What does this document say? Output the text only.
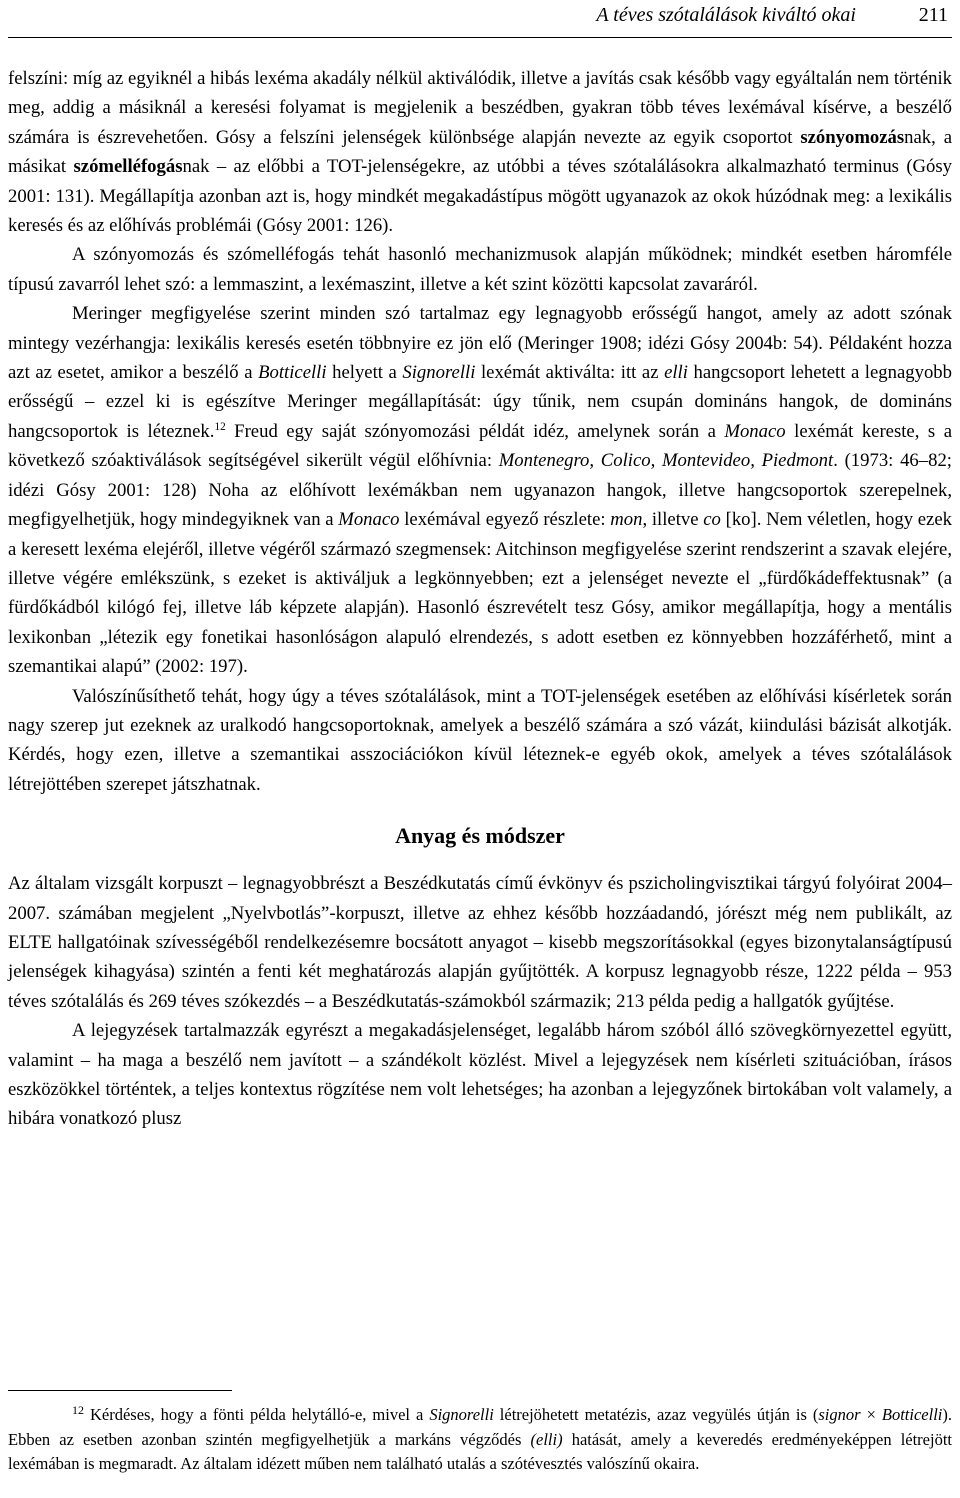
A téves szótalálások kiváltó okai	211

felszíni: míg az egyiknél a hibás lexéma akadály nélkül aktiválódik, illetve a javítás csak később vagy egyáltalán nem történik meg, addig a másiknál a keresési folyamat is megjelenik a beszédben, gyakran több téves lexémával kísérve, a beszélő számára is észrevehetően. Gósy a felszíni jelenségek különbsége alapján nevezte az egyik csoportot szónyomozásnak, a másikat szómelléfogásnak – az előbbi a TOT-jelenségekre, az utóbbi a téves szótalálásokra alkalmazható terminus (Gósy 2001: 131). Megállapítja azonban azt is, hogy mindkét megakadástípus mögött ugyanazok az okok húzódnak meg: a lexikális keresés és az előhívás problémái (Gósy 2001: 126).

A szónyomozás és szómelléfogás tehát hasonló mechanizmusok alapján működnek; mindkét esetben háromféle típusú zavarról lehet szó: a lemmaszint, a lexémaszint, illetve a két szint közötti kapcsolat zavaráról.

Meringer megfigyelése szerint minden szó tartalmaz egy legnagyobb erősségű hangot, amely az adott szónak mintegy vezérhangja: lexikális keresés esetén többnyire ez jön elő (Meringer 1908; idézi Gósy 2004b: 54). Példaként hozza azt az esetet, amikor a beszélő a Botticelli helyett a Signorelli lexémát aktiválta: itt az elli hangcsoport lehetett a legnagyobb erősségű – ezzel ki is egészítve Meringer megállapítását: úgy tűnik, nem csupán domináns hangok, de domináns hangcsoportok is léteznek.$^{12}$ Freud egy saját szónyomozási példát idéz, amelynek során a Monaco lexémát kereste, s a következő szóaktiválások segítségével sikerült végül előhívnia: Montenegro, Colico, Montevideo, Piedmont. (1973: 46–82; idézi Gósy 2001: 128) Noha az előhívott lexémákban nem ugyanazon hangok, illetve hangcsoportok szerepelnek, megfigyelhetjük, hogy mindegyiknek van a Monaco lexémával egyező részlete: mon, illetve co [ko]. Nem véletlen, hogy ezek a keresett lexéma elejéről, illetve végéről származó szegmensek: Aitchinson megfigyelése szerint rendszerint a szavak elejére, illetve végére emlékszünk, s ezeket is aktiváljuk a legkönnyebben; ezt a jelenséget nevezte el „fürdőkádeffektusnak” (a fürdőkádból kilógó fej, illetve láb képzete alapján). Hasonló észrevételt tesz Gósy, amikor megállapítja, hogy a mentális lexikonban „létezik egy fonetikai hasonlóságon alapuló elrendezés, s adott esetben ez könnyebben hozzáférhető, mint a szemantikai alapú” (2002: 197).

Valószínűsíthető tehát, hogy úgy a téves szótalálások, mint a TOT-jelenségek esetében az előhívási kísérletek során nagy szerep jut ezeknek az uralkodó hangcsoportoknak, amelyek a beszélő számára a szó vázát, kiindulási bázisát alkotják. Kérdés, hogy ezen, illetve a szemantikai asszociációkon kívül léteznek-e egyéb okok, amelyek a téves szótalálások létrejöttében szerepet játszhatnak.

Anyag és módszer

Az általam vizsgált korpuszt – legnagyobbrészt a Beszédkutatás című évkönyv és pszicholingvisztikai tárgyú folyóirat 2004–2007. számában megjelent „Nyelvbotlás”-korpuszt, illetve az ehhez később hozzáadandó, jórészt még nem publikált, az ELTE hallgatóinak szívességéből rendelkezésemre bocsátott anyagot – kisebb megszorításokkal (egyes bizonytalanságtípusú jelenségek kihagyása) szintén a fenti két meghatározás alapján gyűjtötték. A korpusz legnagyobb része, 1222 példa – 953 téves szótalálás és 269 téves szókezdés – a Beszédkutatás-számokból származik; 213 példa pedig a hallgatók gyűjtése.

A lejegyzések tartalmazzák egyrészt a megakadásjelenséget, legalább három szóból álló szövegkörnyezettel együtt, valamint – ha maga a beszélő nem javított – a szándékolt közlést. Mivel a lejegyzések nem kísérleti szituációban, írásos eszközökkel történtek, a teljes kontextus rögzítése nem volt lehetséges; ha azonban a lejegyzőnek birtokában volt valamely, a hibára vonatkozó plusz

$^{12}$ Kérdéses, hogy a fönti példa helytálló-e, mivel a Signorelli létrejöhetett metatézis, azaz vegyülés útján is (signor × Botticelli). Ebben az esetben azonban szintén megfigyelhetjük a markáns végződés (elli) hatását, amely a keveredés eredményeképpen létrejött lexémában is megmaradt. Az általam idézett műben nem található utalás a szótévesztés valószínű okaira.
